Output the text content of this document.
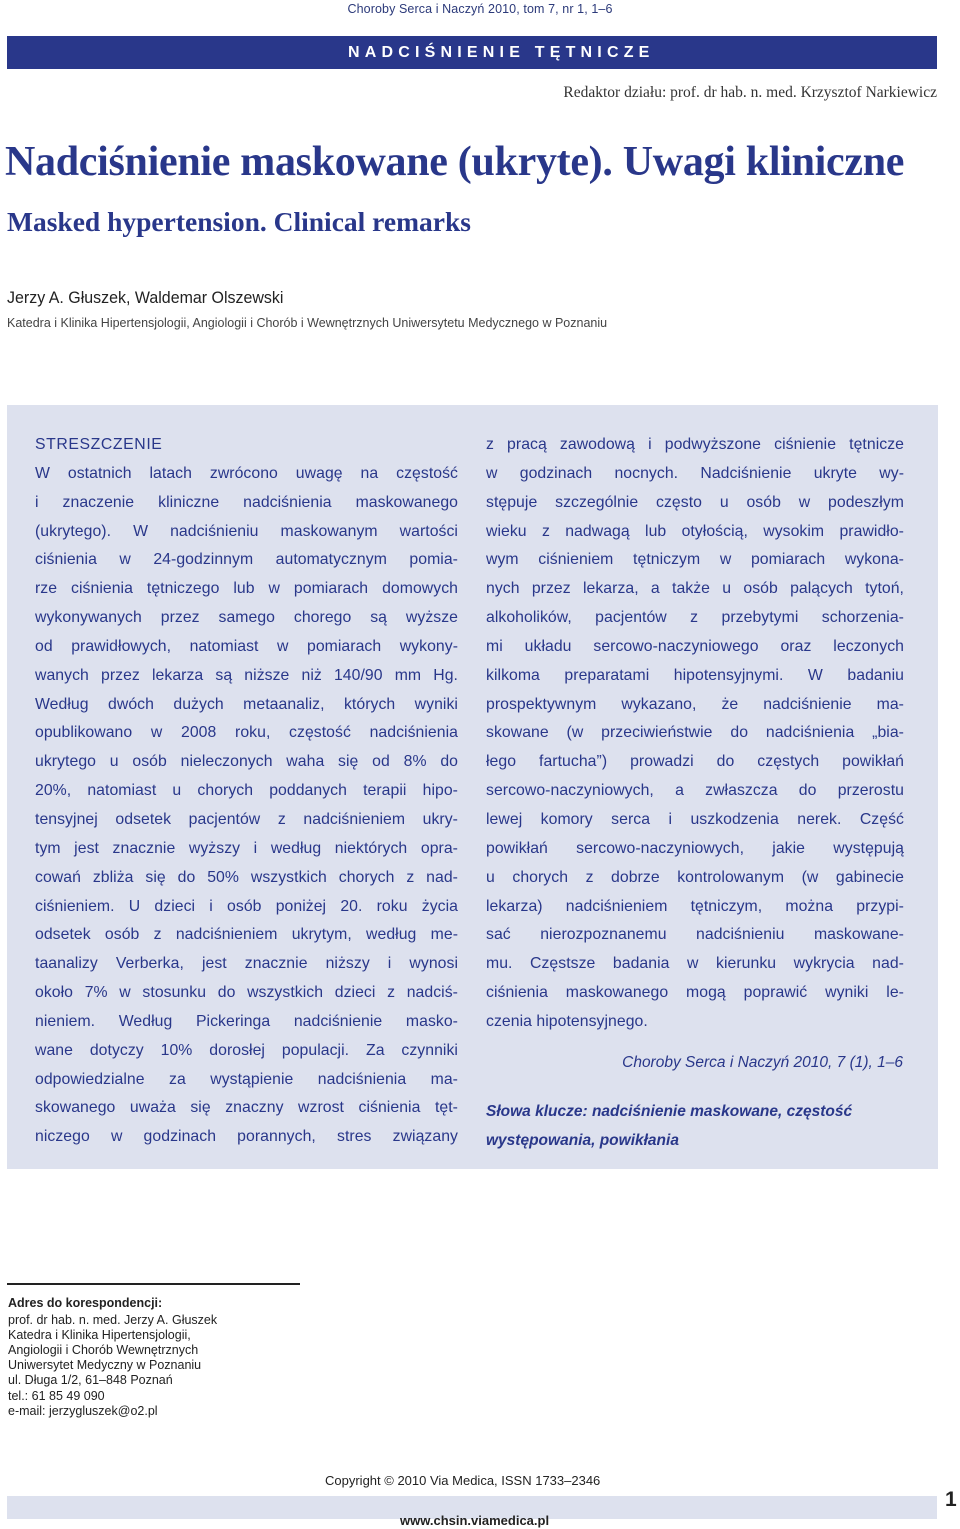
Choroby Serca i Naczyń 2010, tom 7, nr 1, 1–6
NADCIŚNIENIE TĘTNICZE
Redaktor działu: prof. dr hab. n. med. Krzysztof Narkiewicz
Nadciśnienie maskowane (ukryte). Uwagi kliniczne
Masked hypertension. Clinical remarks
Jerzy A. Głuszek, Waldemar Olszewski
Katedra i Klinika Hipertensjologii, Angiologii i Chorób i Wewnętrznych Uniwersytetu Medycznego w Poznaniu
STRESZCZENIE
W ostatnich latach zwrócono uwagę na częstość
i znaczenie kliniczne nadciśnienia maskowanego
(ukrytego). W nadciśnieniu maskowanym wartości
ciśnienia w 24-godzinnym automatycznym pomia-
rze ciśnienia tętniczego lub w pomiarach domowych
wykonywanych przez samego chorego są wyższe
od prawidłowych, natomiast w pomiarach wykony-
wanych przez lekarza są niższe niż 140/90 mm Hg.
Według dwóch dużych metaanaliz, których wyniki
opublikowano w 2008 roku, częstość nadciśnienia
ukrytego u osób nieleczonych waha się od 8% do
20%, natomiast u chorych poddanych terapii hipo-
tensyjnej odsetek pacjentów z nadciśnieniem ukry-
tym jest znacznie wyższy i według niektórych opra-
cowań zbliża się do 50% wszystkich chorych z nad-
ciśnieniem. U dzieci i osób poniżej 20. roku życia
odsetek osób z nadciśnieniem ukrytym, według me-
taanalizy Verberka, jest znacznie niższy i wynosi
około 7% w stosunku do wszystkich dzieci z nadciś-
nieniem. Według Pickeringa nadciśnienie masko-
wane dotyczy 10% dorosłej populacji. Za czynniki
odpowiedzialne za wystąpienie nadciśnienia ma-
skowanego uważa się znaczny wzrost ciśnienia tęt-
niczego w godzinach porannych, stres związany
z pracą zawodową i podwyższone ciśnienie tętnicze
w godzinach nocnych. Nadciśnienie ukryte wy-
stępuje szczególnie często u osób w podeszłym
wieku z nadwagą lub otyłością, wysokim prawidło-
wym ciśnieniem tętniczym w pomiarach wykona-
nych przez lekarza, a także u osób palących tytoń,
alkoholików, pacjentów z przebytymi schorzenia-
mi układu sercowo-naczyniowego oraz leczonych
kilkoma preparatami hipotensyjnymi. W badaniu
prospektywnym wykazano, że nadciśnienie ma-
skowane (w przeciwieństwie do nadciśnienia „bia-
łego fartucha”) prowadzi do częstych powikłań
sercowo-naczyniowych, a zwłaszcza do przerostu
lewej komory serca i uszkodzenia nerek. Część
powikłań sercowo-naczyniowych, jakie występują
u chorych z dobrze kontrolowanym (w gabinecie
lekarza) nadciśnieniem tętniczym, można przypi-
sać nierozpoznanemu nadciśnieniu maskowane-
mu. Częstsze badania w kierunku wykrycia nad-
ciśnienia maskowanego mogą poprawić wyniki le-
czenia hipotensyjnego.
Choroby Serca i Naczyń 2010, 7 (1), 1–6
Słowa klucze: nadciśnienie maskowane, częstość
występowania, powikłania
Adres do korespondencji:
prof. dr hab. n. med. Jerzy A. Głuszek
Katedra i Klinika Hipertensjologii,
Angiologii i Chorób Wewnętrznych
Uniwersytet Medyczny w Poznaniu
ul. Długa 1/2, 61–848 Poznań
tel.: 61 85 49 090
e-mail: jerzygluszek@o2.pl
Copyright © 2010 Via Medica, ISSN 1733–2346
www.chsin.viamedica.pl
1
